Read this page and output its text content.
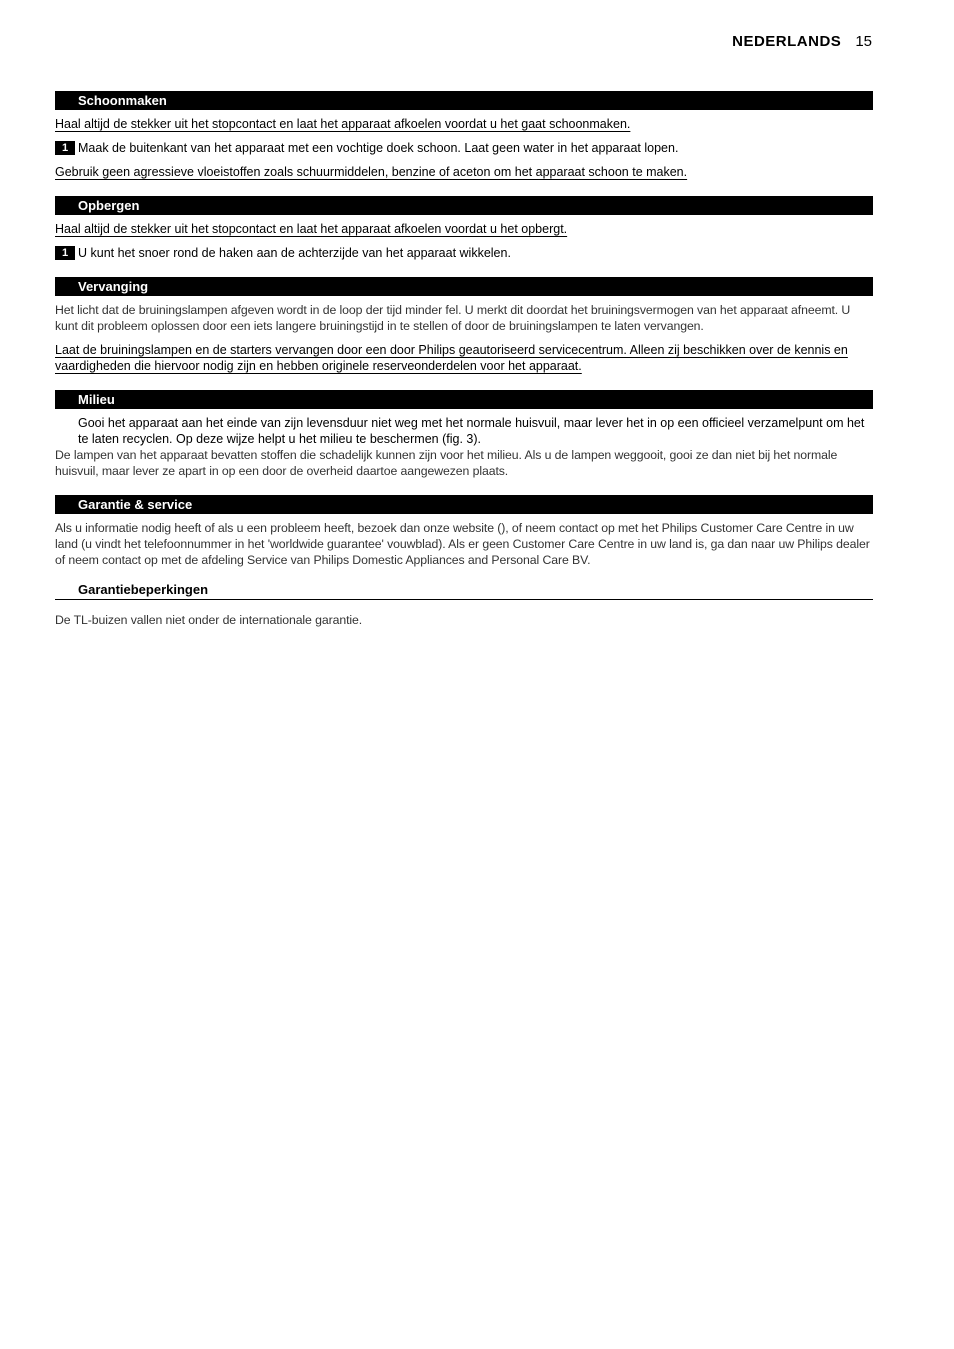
NEDERLANDS 15
Schoonmaken

Haal altijd de stekker uit het stopcontact en laat het apparaat afkoelen voordat u het gaat schoonmaken.

1 Maak de buitenkant van het apparaat met een vochtige doek schoon. Laat geen water in het apparaat lopen.

Gebruik geen agressieve vloeistoffen zoals schuurmiddelen, benzine of aceton om het apparaat schoon te maken.

Opbergen

Haal altijd de stekker uit het stopcontact en laat het apparaat afkoelen voordat u het opbergt.

1 U kunt het snoer rond de haken aan de achterzijde van het apparaat wikkelen.
Vervanging

Het licht dat de bruiningslampen afgeven wordt in de loop der tijd minder fel. U merkt dit doordat het bruiningsvermogen van het apparaat afneemt. U kunt dit probleem oplossen door een iets langere bruiningstijd in te stellen of door de bruiningslampen te laten vervangen.

Laat de bruiningslampen en de starters vervangen door een door Philips geautoriseerd servicecentrum. Alleen zij beschikken over de kennis en vaardigheden die hiervoor nodig zijn en hebben originele reserveonderdelen voor het apparaat.

Milieu

Gooi het apparaat aan het einde van zijn levensduur niet weg met het normale huisvuil, maar lever het in op een officieel verzamelpunt om het te laten recyclen. Op deze wijze helpt u het milieu te beschermen (fig. 3).

De lampen van het apparaat bevatten stoffen die schadelijk kunnen zijn voor het milieu. Als u de lampen weggooit, gooi ze dan niet bij het normale huisvuil, maar lever ze apart in op een door de overheid daartoe aangewezen plaats.

Garantie & service

Als u informatie nodig heeft of als u een probleem heeft, bezoek dan onze website (), of neem contact op met het Philips Customer Care Centre in uw land (u vindt het telefoonnummer in het 'worldwide guarantee' vouwblad). Als er geen Customer Care Centre in uw land is, ga dan naar uw Philips dealer of neem contact op met de afdeling Service van Philips Domestic Appliances and Personal Care BV.

Garantiebeperkingen

De TL-buizen vallen niet onder de internationale garantie.
